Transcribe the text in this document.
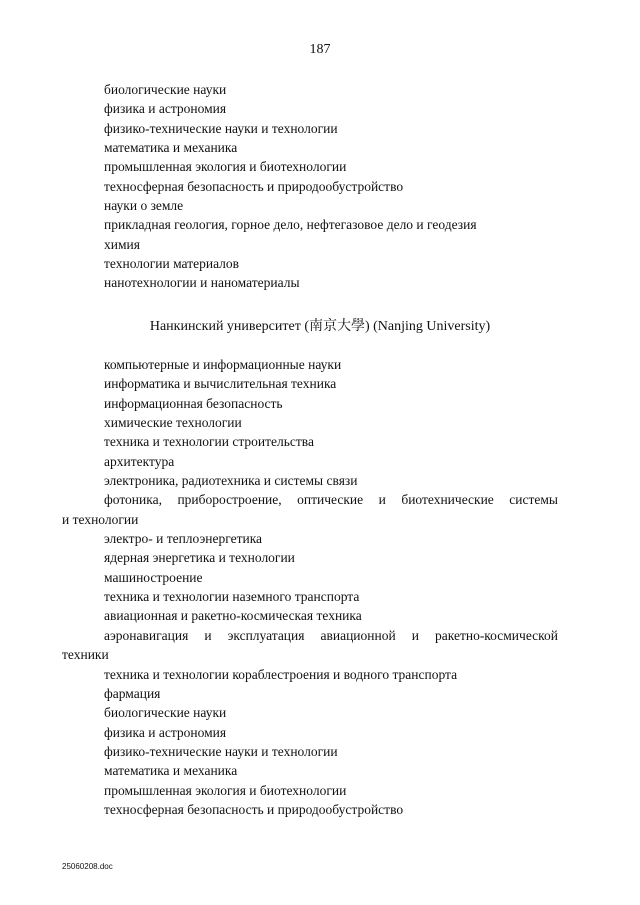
187
биологические науки
физика и астрономия
физико-технические науки и технологии
математика и механика
промышленная экология и биотехнологии
техносферная безопасность и природообустройство
науки о земле
прикладная геология, горное дело, нефтегазовое дело и геодезия
химия
технологии материалов
нанотехнологии и наноматериалы
Нанкинский университет (南京大學) (Nanjing University)
компьютерные и информационные науки
информатика и вычислительная техника
информационная безопасность
химические технологии
техника и технологии строительства
архитектура
электроника, радиотехника и системы связи
фотоника, приборостроение, оптические и биотехнические системы
и технологии
электро- и теплоэнергетика
ядерная энергетика и технологии
машиностроение
техника и технологии наземного транспорта
авиационная и ракетно-космическая техника
аэронавигация и эксплуатация авиационной и ракетно-космической
техники
техника и технологии кораблестроения и водного транспорта
фармация
биологические науки
физика и астрономия
физико-технические науки и технологии
математика и механика
промышленная экология и биотехнологии
техносферная безопасность и природообустройство
25060208.doc
